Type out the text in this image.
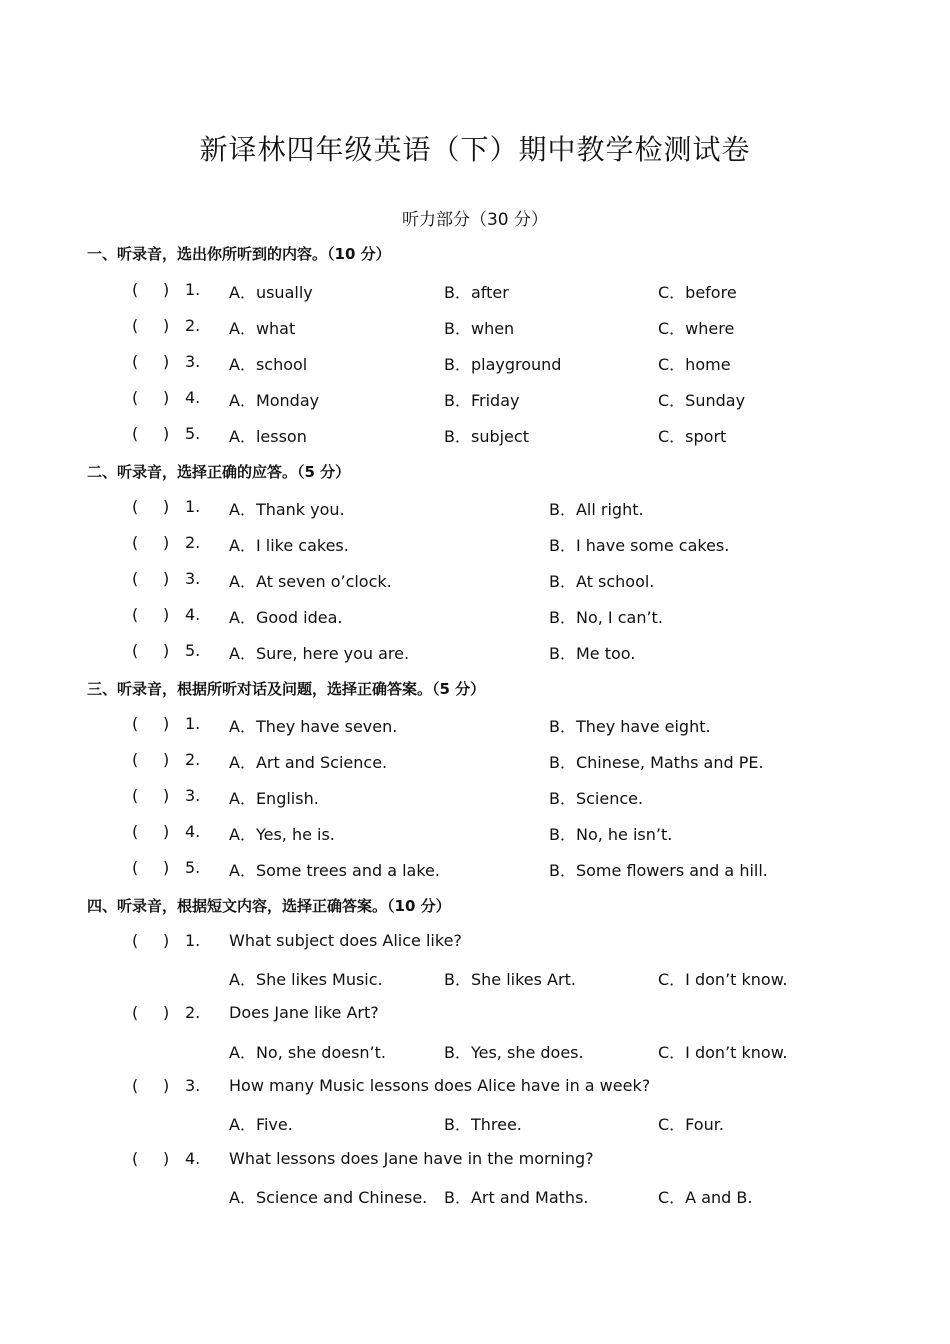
新译林四年级英语（下）期中教学检测试卷
听力部分（30 分）
一、听录音，选出你所听到的内容。（10 分）
( ) 1. A．usually	B．after	C．before
( ) 2. A．what	B．when	C．where
( ) 3. A．school	B．playground	C．home
( ) 4. A．Monday	B．Friday	C．Sunday
( ) 5. A．lesson	B．subject	C．sport
二、听录音，选择正确的应答。（5 分）
( ) 1. A．Thank you.	B．All right.
( ) 2. A．I like cakes.	B．I have some cakes.
( ) 3. A．At seven o’clock.	B．At school.
( ) 4. A．Good idea.	B．No, I can’t.
( ) 5. A．Sure, here you are.	B．Me too.
三、听录音，根据所听对话及问题，选择正确答案。（5 分）
( ) 1. A．They have seven.	B．They have eight.
( ) 2. A．Art and Science.	B．Chinese, Maths and PE.
( ) 3. A．English.	B．Science.
( ) 4. A．Yes, he is.	B．No, he isn’t.
( ) 5. A．Some trees and a lake.	B．Some flowers and a hill.
四、听录音，根据短文内容，选择正确答案。（10 分）
( ) 1. What subject does Alice like?
A．She likes Music.	B．She likes Art.	C．I don’t know.
( ) 2. Does Jane like Art?
A．No, she doesn’t.	B．Yes, she does.	C．I don’t know.
( ) 3. How many Music lessons does Alice have in a week?
A．Five.	B．Three.	C．Four.
( ) 4. What lessons does Jane have in the morning?
A．Science and Chinese. B．Art and Maths.	C．A and B.
